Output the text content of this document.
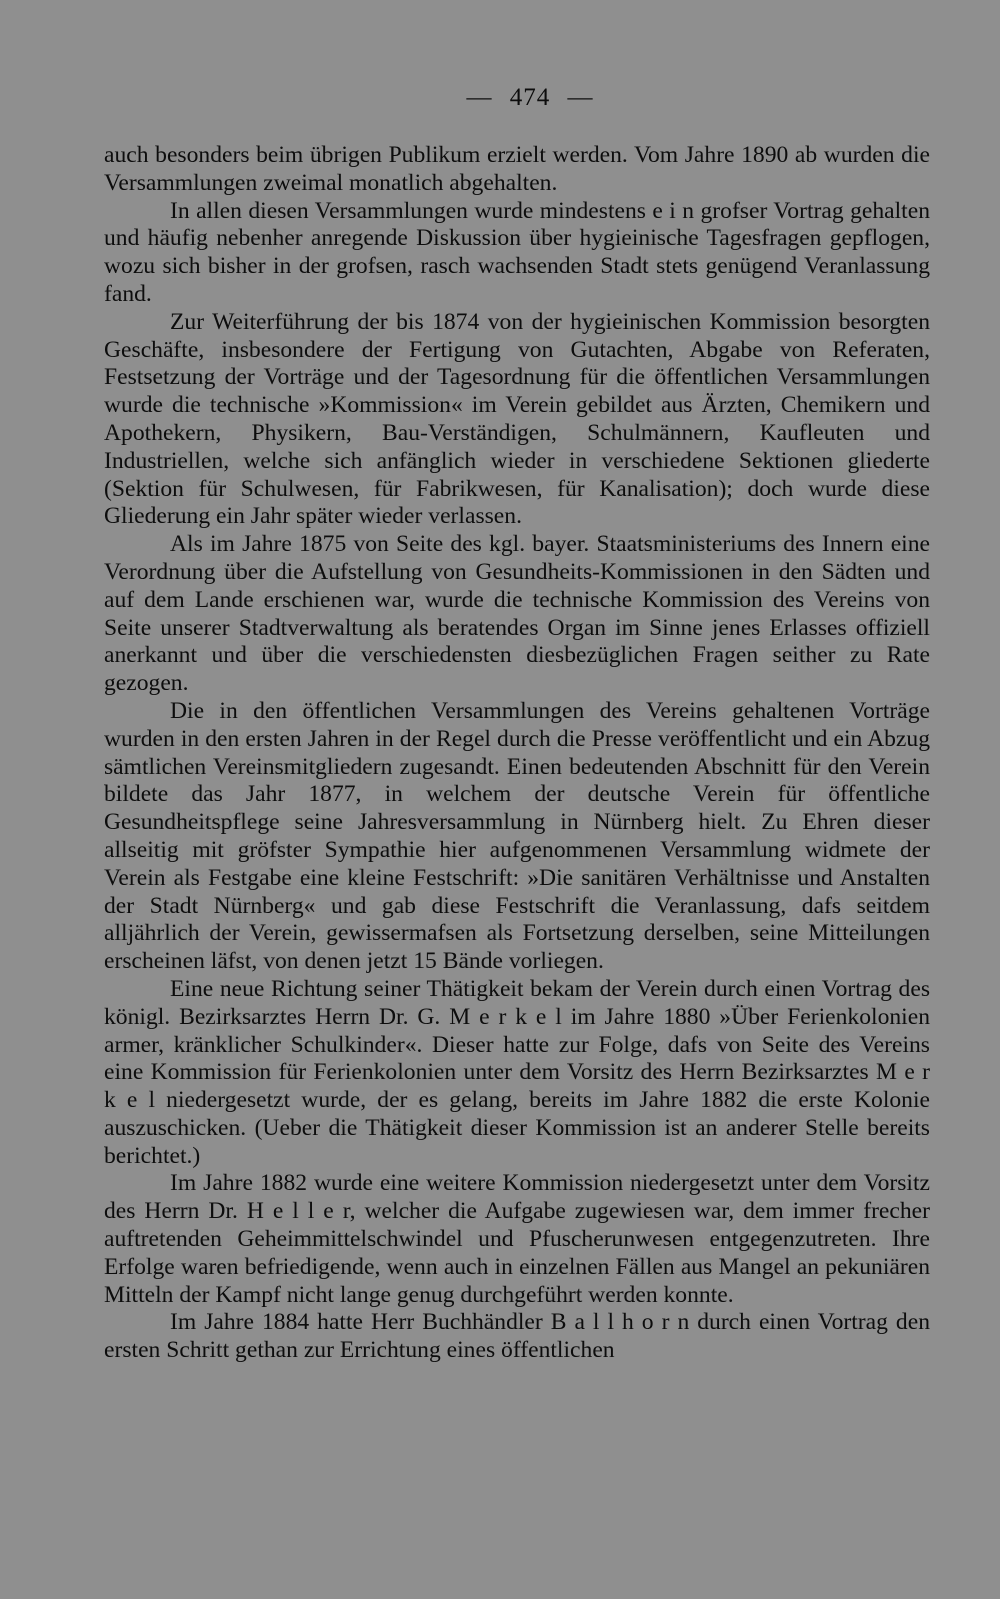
— 474 —

auch besonders beim übrigen Publikum erzielt werden. Vom Jahre 1890 ab wurden die Versammlungen zweimal monatlich abgehalten.

In allen diesen Versammlungen wurde mindestens e i n grofser Vortrag gehalten und häufig nebenher anregende Diskussion über hygieinische Tagesfragen gepflogen, wozu sich bisher in der grofsen, rasch wachsenden Stadt stets genügend Veranlassung fand.

Zur Weiterführung der bis 1874 von der hygieinischen Kommission besorgten Geschäfte, insbesondere der Fertigung von Gutachten, Abgabe von Referaten, Festsetzung der Vorträge und der Tagesordnung für die öffentlichen Versammlungen wurde die technische »Kommission« im Verein gebildet aus Ärzten, Chemikern und Apothekern, Physikern, Bau-Verständigen, Schulmännern, Kaufleuten und Industriellen, welche sich anfänglich wieder in verschiedene Sektionen gliederte (Sektion für Schulwesen, für Fabrikwesen, für Kanalisation); doch wurde diese Gliederung ein Jahr später wieder verlassen.

Als im Jahre 1875 von Seite des kgl. bayer. Staatsministeriums des Innern eine Verordnung über die Aufstellung von Gesundheits-Kommissionen in den Sädten und auf dem Lande erschienen war, wurde die technische Kommission des Vereins von Seite unserer Stadtverwaltung als beratendes Organ im Sinne jenes Erlasses offiziell anerkannt und über die verschiedensten diesbezüglichen Fragen seither zu Rate gezogen.

Die in den öffentlichen Versammlungen des Vereins gehaltenen Vorträge wurden in den ersten Jahren in der Regel durch die Presse veröffentlicht und ein Abzug sämtlichen Vereinsmitgliedern zugesandt. Einen bedeutenden Abschnitt für den Verein bildete das Jahr 1877, in welchem der deutsche Verein für öffentliche Gesundheitspflege seine Jahresversammlung in Nürnberg hielt. Zu Ehren dieser allseitig mit gröfster Sympathie hier aufgenommenen Versammlung widmete der Verein als Festgabe eine kleine Festschrift: »Die sanitären Verhältnisse und Anstalten der Stadt Nürnberg« und gab diese Festschrift die Veranlassung, dafs seitdem alljährlich der Verein, gewissermafsen als Fortsetzung derselben, seine Mitteilungen erscheinen läfst, von denen jetzt 15 Bände vorliegen.

Eine neue Richtung seiner Thätigkeit bekam der Verein durch einen Vortrag des königl. Bezirksarztes Herrn Dr. G. M e r k e l im Jahre 1880 »Über Ferienkolonien armer, kränklicher Schulkinder«. Dieser hatte zur Folge, dafs von Seite des Vereins eine Kommission für Ferienkolonien unter dem Vorsitz des Herrn Bezirksarztes M e r k e l niedergesetzt wurde, der es gelang, bereits im Jahre 1882 die erste Kolonie auszuschicken. (Ueber die Thätigkeit dieser Kommission ist an anderer Stelle bereits berichtet.)

Im Jahre 1882 wurde eine weitere Kommission niedergesetzt unter dem Vorsitz des Herrn Dr. H e l l e r, welcher die Aufgabe zugewiesen war, dem immer frecher auftretenden Geheimmittelschwindel und Pfuscherunwesen entgegenzutreten. Ihre Erfolge waren befriedigende, wenn auch in einzelnen Fällen aus Mangel an pekuniären Mitteln der Kampf nicht lange genug durchgeführt werden konnte.

Im Jahre 1884 hatte Herr Buchhändler B a l l h o r n durch einen Vortrag den ersten Schritt gethan zur Errichtung eines öffentlichen
